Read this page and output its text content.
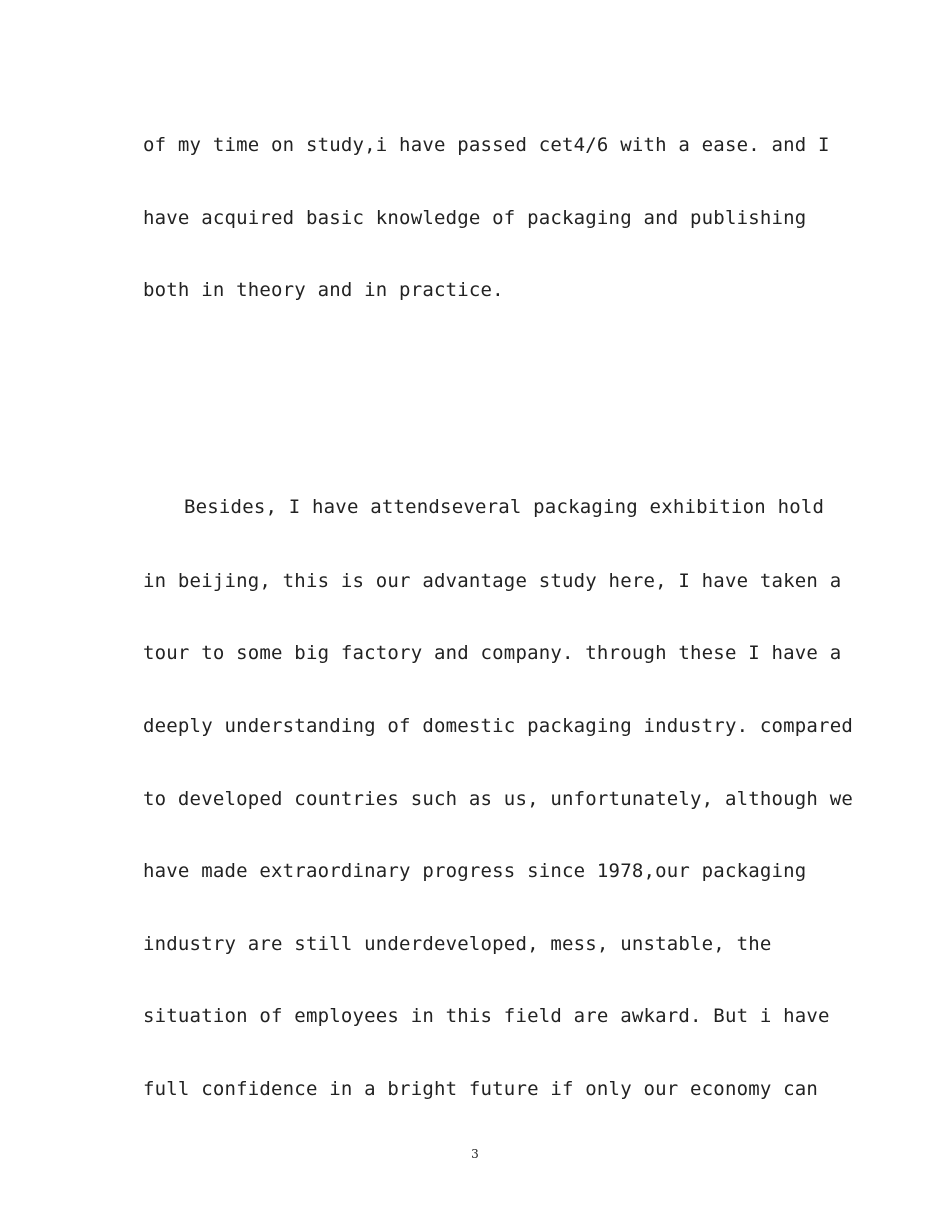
of my time on study,i have passed cet4/6 with a ease. and I
have acquired basic knowledge of packaging and publishing
both in theory and in practice.
Besides, I have attendseveral packaging exhibition hold
in beijing, this is our advantage study here, I have taken a
tour to some big factory and company. through these I have a
deeply understanding of domestic packaging industry. compared
to developed countries such as us, unfortunately, although we
have made extraordinary progress since 1978,our packaging
industry are still underdeveloped, mess, unstable, the
situation of employees in this field are awkard. But i have
full confidence in a bright future if only our economy can
3
